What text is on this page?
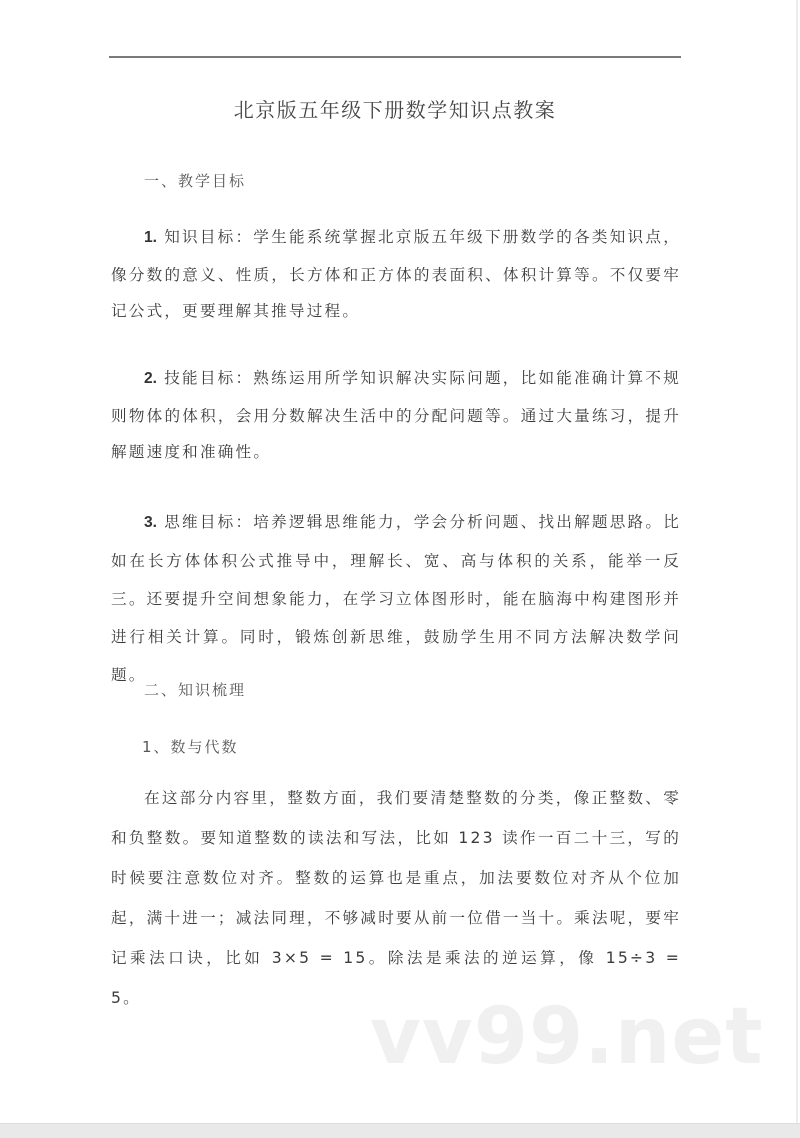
北京版五年级下册数学知识点教案
一、教学目标
1. 知识目标：学生能系统掌握北京版五年级下册数学的各类知识点，像分数的意义、性质，长方体和正方体的表面积、体积计算等。不仅要牢记公式，更要理解其推导过程。
2. 技能目标：熟练运用所学知识解决实际问题，比如能准确计算不规则物体的体积，会用分数解决生活中的分配问题等。通过大量练习，提升解题速度和准确性。
3. 思维目标：培养逻辑思维能力，学会分析问题、找出解题思路。比如在长方体体积公式推导中，理解长、宽、高与体积的关系，能举一反三。还要提升空间想象能力，在学习立体图形时，能在脑海中构建图形并进行相关计算。同时，锻炼创新思维，鼓励学生用不同方法解决数学问题。
二、知识梳理
1、数与代数
在这部分内容里，整数方面，我们要清楚整数的分类，像正整数、零和负整数。要知道整数的读法和写法，比如 123 读作一百二十三，写的时候要注意数位对齐。整数的运算也是重点，加法要数位对齐从个位加起，满十进一；减法同理，不够减时要从前一位借一当十。乘法呢，要牢记乘法口诀，比如 3×5 = 15。除法是乘法的逆运算，像 15÷3 = 5。	vv99.net
